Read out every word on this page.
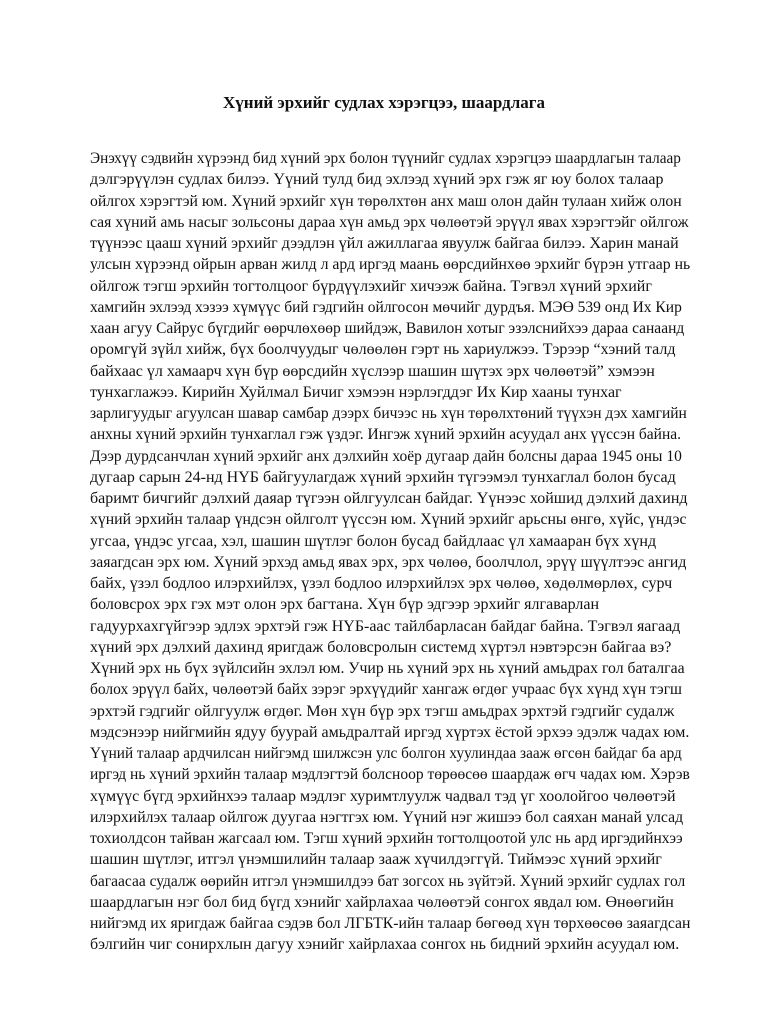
Хүний эрхийг судлах хэрэгцээ, шаардлага
Энэхүү сэдвийн хүрээнд бид хүний эрх болон түүнийг судлах хэрэгцээ шаардлагын талаар
дэлгэрүүлэн судлах билээ. Үүний тулд бид эхлээд хүний эрх гэж яг юу болох талаар
ойлгох хэрэгтэй юм. Хүний эрхийг хүн төрөлхтөн анх маш олон дайн тулаан хийж олон
сая хүний амь насыг зольсоны дараа хүн амьд эрх чөлөөтэй эрүүл явах хэрэгтэйг ойлгож
түүнээс цааш хүний эрхийг дээдлэн үйл ажиллагаа явуулж байгаа билээ. Харин манай
улсын хүрээнд ойрын арван жилд л ард иргэд маань өөрсдийнхөө эрхийг бүрэн утгаар нь
ойлгож тэгш эрхийн тогтолцоог бүрдүүлэхийг хичээж байна. Тэгвэл хүний эрхийг
хамгийн эхлээд хэзээ хүмүүс бий гэдгийн ойлгосон мөчийг дурдъя. МЭӨ 539 онд Их Кир
хаан агуу Сайрус бүгдийг өөрчлөхөөр шийдэж, Вавилон хотыг эзэлснийхээ дараа санаанд
оромгүй зүйл хийж, бүх боолчуудыг чөлөөлөн гэрт нь хариулжээ. Тэрээр “хэний талд
байхаас үл хамаарч хүн бүр өөрсдийн хүслээр шашин шүтэх эрх чөлөөтэй” хэмээн
тунхаглажээ. Кирийн Хуйлмал Бичиг хэмээн нэрлэгддэг Их Кир хааны тунхаг
зарлигуудыг агуулсан шавар самбар дээрх бичээс нь хүн төрөлхтөний түүхэн дэх хамгийн
анхны хүний эрхийн тунхаглал гэж үздэг. Ингэж хүний эрхийн асуудал анх үүссэн байна.
Дээр дурдсанчлан хүний эрхийг анх дэлхийн хоёр дугаар дайн болсны дараа 1945 оны 10
дугаар сарын 24-нд НҮБ байгуулагдаж хүний эрхийн түгээмэл тунхаглал болон бусад
баримт бичгийг дэлхий даяар түгээн ойлгуулсан байдаг. Үүнээс хойшид дэлхий дахинд
хүний эрхийн талаар үндсэн ойлголт үүссэн юм. Хүний эрхийг арьсны өнгө, хүйс, үндэс
угсаа, үндэс угсаа, хэл, шашин шүтлэг болон бусад байдлаас үл хамааран бүх хүнд
заяагдсан эрх юм. Хүний эрхэд амьд явах эрх, эрх чөлөө, боолчлол, эрүү шүүлтээс ангид
байх, үзэл бодлоо илэрхийлэх, үзэл бодлоо илэрхийлэх эрх чөлөө, хөдөлмөрлөх, сурч
боловсрох эрх гэх мэт олон эрх багтана. Хүн бүр эдгээр эрхийг ялгаварлан
гадуурхахгүйгээр эдлэх эрхтэй гэж НҮБ-аас тайлбарласан байдаг байна. Тэгвэл яагаад
хүний эрх дэлхий дахинд яригдаж боловсролын системд хүртэл нэвтэрсэн байгаа вэ?
Хүний эрх нь бүх зүйлсийн эхлэл юм. Учир нь хүний эрх нь хүний амьдрах гол баталгаа
болох эрүүл байх, чөлөөтэй байх зэрэг эрхүүдийг хангаж өгдөг учраас бүх хүнд хүн тэгш
эрхтэй гэдгийг ойлгуулж өгдөг. Мөн хүн бүр эрх тэгш амьдрах эрхтэй гэдгийг судалж
мэдсэнээр нийгмийн ядуу буурай амьдралтай иргэд хүртэх ёстой эрхээ эдэлж чадах юм.
Үүний талаар ардчилсан нийгэмд шилжсэн улс болгон хуулиндаа зааж өгсөн байдаг ба ард
иргэд нь хүний эрхийн талаар мэдлэгтэй болсноор төрөөсөө шаардаж өгч чадах юм. Хэрэв
хүмүүс бүгд эрхийнхээ талаар мэдлэг хуримтлуулж чадвал тэд үг хоолойгоо чөлөөтэй
илэрхийлэх талаар ойлгож дуугаа нэгтгэх юм. Үүний нэг жишээ бол саяхан манай улсад
тохиолдсон тайван жагсаал юм. Тэгш хүний эрхийн тогтолцоотой улс нь ард иргэдийнхээ
шашин шүтлэг, итгэл үнэмшилийн талаар зааж хүчилдэггүй. Тиймээс хүний эрхийг
багаасаа судалж өөрийн итгэл үнэмшилдээ бат зогсох нь зүйтэй. Хүний эрхийг судлах гол
шаардлагын нэг бол бид бүгд хэнийг хайрлахаа чөлөөтэй сонгох явдал юм. Өнөөгийн
нийгэмд их яригдаж байгаа сэдэв бол ЛГБТК-ийн талаар бөгөөд хүн төрхөөсөө заяагдсан
бэлгийн чиг сонирхлын дагуу хэнийг хайрлахаа сонгох нь бидний эрхийн асуудал юм.
